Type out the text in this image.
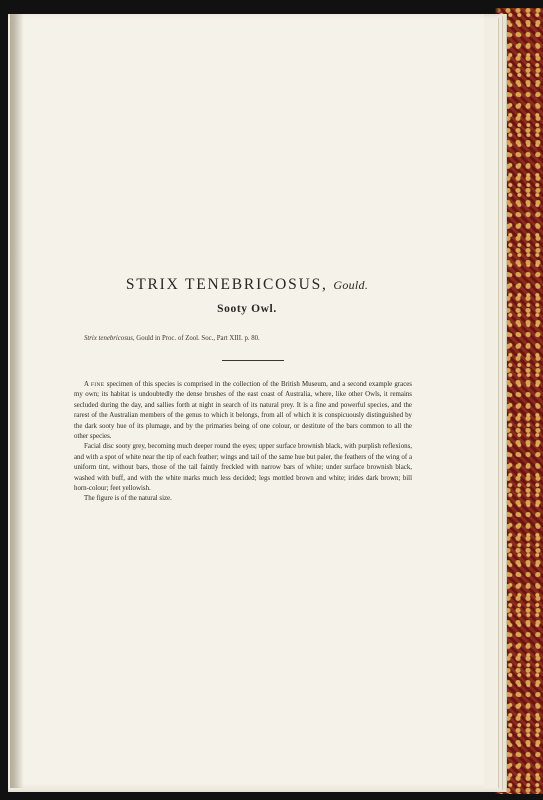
STRIX TENEBRICOSUS, Gould.
Sooty Owl.
Strix tenebricosus, Gould in Proc. of Zool. Soc., Part XIII. p. 80.

A FINE specimen of this species is comprised in the collection of the British Museum, and a second example graces my own; its habitat is undoubtedly the dense brushes of the east coast of Australia, where, like other Owls, it remains secluded during the day, and sallies forth at night in search of its natural prey. It is a fine and powerful species, and the rarest of the Australian members of the genus to which it belongs, from all of which it is conspicuously distinguished by the dark sooty hue of its plumage, and by the primaries being of one colour, or destitute of the bars common to all the other species.

Facial disc sooty grey, becoming much deeper round the eyes; upper surface brownish black, with purplish reflexions, and with a spot of white near the tip of each feather; wings and tail of the same hue but paler, the feathers of the wing of a uniform tint, without bars, those of the tail faintly freckled with narrow bars of white; under surface brownish black, washed with buff, and with the white marks much less decided; legs mottled brown and white; irides dark brown; bill horn-colour; feet yellowish.

The figure is of the natural size.
